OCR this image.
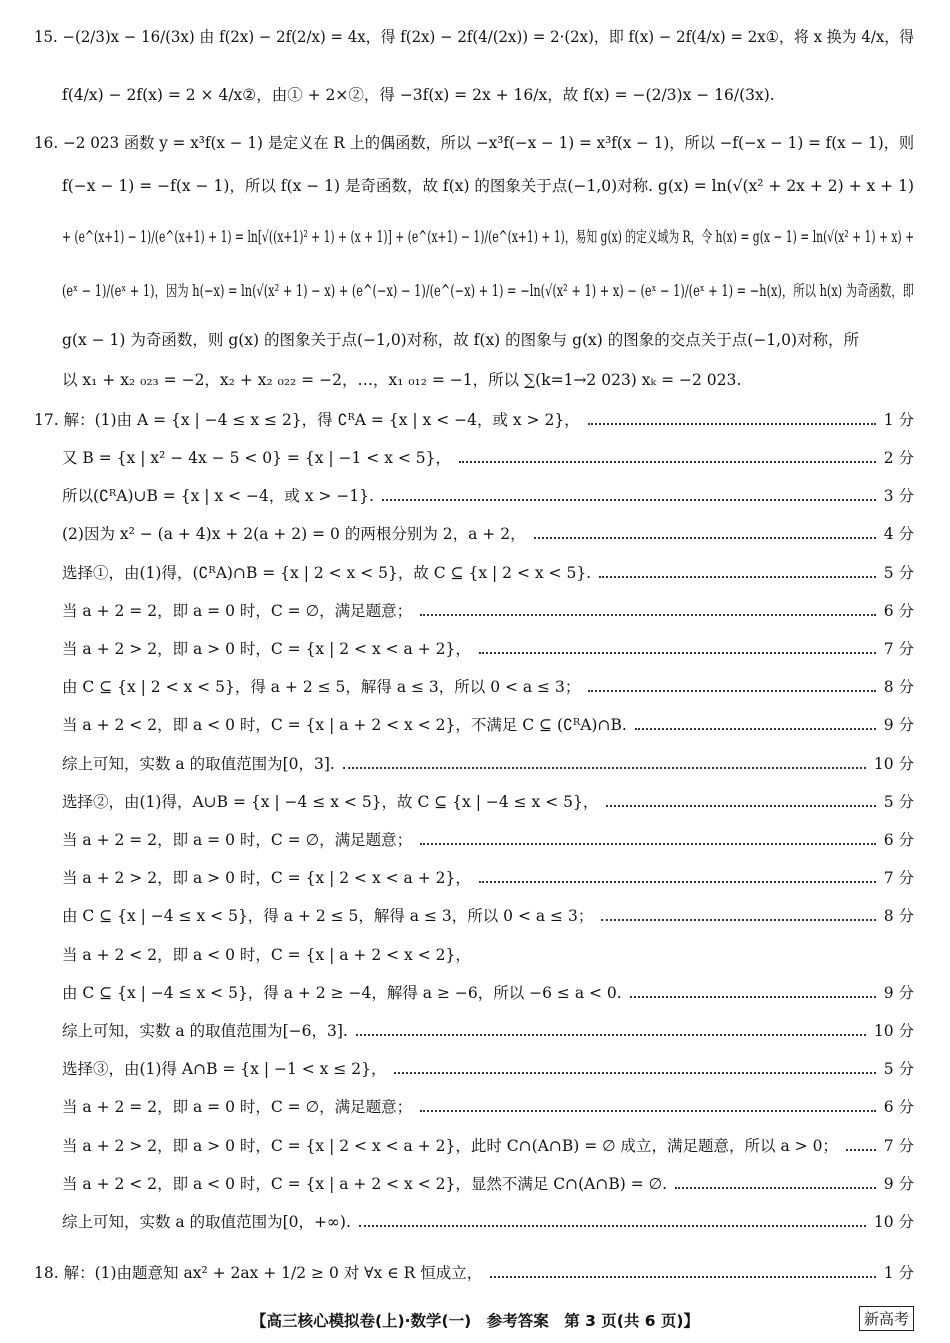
15. −(2/3)x − 16/(3x) 由 f(2x) − 2f(2/x) = 4x，得 f(2x) − 2f(4/(2x)) = 2·(2x)，即 f(x) − 2f(4/x) = 2x①，将 x 换为 4/x，得
f(4/x) − 2f(x) = 2 × 4/x②，由① + 2×②，得 −3f(x) = 2x + 16/x，故 f(x) = −(2/3)x − 16/(3x).
16. −2 023 函数 y = x³f(x − 1) 是定义在 R 上的偶函数，所以 −x³f(−x − 1) = x³f(x − 1)，所以 −f(−x − 1) = f(x − 1)，则
f(−x − 1) = −f(x − 1)，所以 f(x − 1) 是奇函数，故 f(x) 的图象关于点(−1,0)对称. g(x) = ln(√(x² + 2x + 2) + x + 1)
+ (e^(x+1) − 1)/(e^(x+1) + 1) = ln[√((x+1)² + 1) + (x + 1)] + (e^(x+1) − 1)/(e^(x+1) + 1)，易知 g(x) 的定义域为 R，令 h(x) = g(x − 1) = ln(√(x² + 1) + x) +
(eˣ − 1)/(eˣ + 1)，因为 h(−x) = ln(√(x² + 1) − x) + (e^(−x) − 1)/(e^(−x) + 1) = −ln(√(x² + 1) + x) − (eˣ − 1)/(eˣ + 1) = −h(x)，所以 h(x) 为奇函数，即
g(x − 1) 为奇函数，则 g(x) 的图象关于点(−1,0)对称，故 f(x) 的图象与 g(x) 的图象的交点关于点(−1,0)对称，所
以 x₁ + x₂ ₀₂₃ = −2，x₂ + x₂ ₀₂₂ = −2，…，x₁ ₀₁₂ = −1，所以 ∑(k=1→2 023) xₖ = −2 023.
17. 解：(1)由 A = {x | −4 ≤ x ≤ 2}，得 ∁ᴿA = {x | x < −4，或 x > 2}，	1 分
又 B = {x | x² − 4x − 5 < 0} = {x | −1 < x < 5}，	2 分
所以(∁ᴿA)∪B = {x | x < −4，或 x > −1}.	3 分
(2)因为 x² − (a + 4)x + 2(a + 2) = 0 的两根分别为 2，a + 2，	4 分
选择①，由(1)得，(∁ᴿA)∩B = {x | 2 < x < 5}，故 C ⊆ {x | 2 < x < 5}.	5 分
当 a + 2 = 2，即 a = 0 时，C = ∅，满足题意；	6 分
当 a + 2 > 2，即 a > 0 时，C = {x | 2 < x < a + 2}，	7 分
由 C ⊆ {x | 2 < x < 5}，得 a + 2 ≤ 5，解得 a ≤ 3，所以 0 < a ≤ 3；	8 分
当 a + 2 < 2，即 a < 0 时，C = {x | a + 2 < x < 2}，不满足 C ⊆ (∁ᴿA)∩B.	9 分
综上可知，实数 a 的取值范围为[0，3].	10 分
选择②，由(1)得，A∪B = {x | −4 ≤ x < 5}，故 C ⊆ {x | −4 ≤ x < 5}，	5 分
当 a + 2 = 2，即 a = 0 时，C = ∅，满足题意；	6 分
当 a + 2 > 2，即 a > 0 时，C = {x | 2 < x < a + 2}，	7 分
由 C ⊆ {x | −4 ≤ x < 5}，得 a + 2 ≤ 5，解得 a ≤ 3，所以 0 < a ≤ 3；	8 分
当 a + 2 < 2，即 a < 0 时，C = {x | a + 2 < x < 2}，
由 C ⊆ {x | −4 ≤ x < 5}，得 a + 2 ≥ −4，解得 a ≥ −6，所以 −6 ≤ a < 0.	9 分
综上可知，实数 a 的取值范围为[−6，3].	10 分
选择③，由(1)得 A∩B = {x | −1 < x ≤ 2}，	5 分
当 a + 2 = 2，即 a = 0 时，C = ∅，满足题意；	6 分
当 a + 2 > 2，即 a > 0 时，C = {x | 2 < x < a + 2}，此时 C∩(A∩B) = ∅ 成立，满足题意，所以 a > 0；	7 分
当 a + 2 < 2，即 a < 0 时，C = {x | a + 2 < x < 2}，显然不满足 C∩(A∩B) = ∅.	9 分
综上可知，实数 a 的取值范围为[0，+∞).	10 分
18. 解：(1)由题意知 ax² + 2ax + 1/2 ≥ 0 对 ∀x ∈ R 恒成立，	1 分
【高三核心模拟卷(上)·数学(一)　参考答案　第 3 页(共 6 页)】	新高考
